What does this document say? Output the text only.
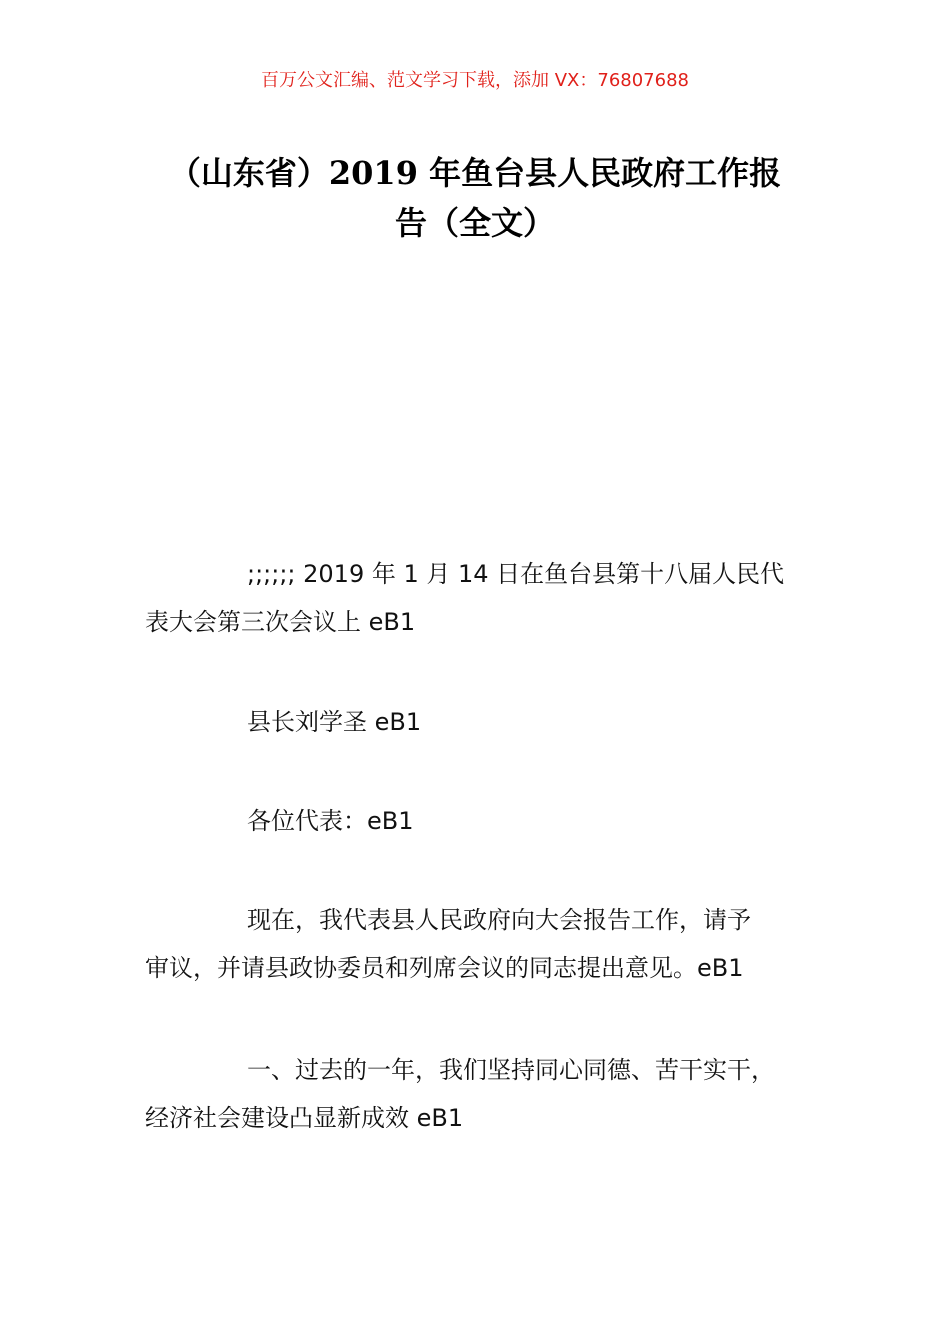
百万公文汇编、范文学习下载，添加 VX：76807688
（山东省）2019 年鱼台县人民政府工作报
告（全文）
;;;;;; 2019 年 1 月 14 日在鱼台县第十八届人民代
表大会第三次会议上 eB1
县长刘学圣 eB1
各位代表：eB1
现在，我代表县人民政府向大会报告工作，请予
审议，并请县政协委员和列席会议的同志提出意见。eB1
一、过去的一年，我们坚持同心同德、苦干实干，
经济社会建设凸显新成效 eB1
